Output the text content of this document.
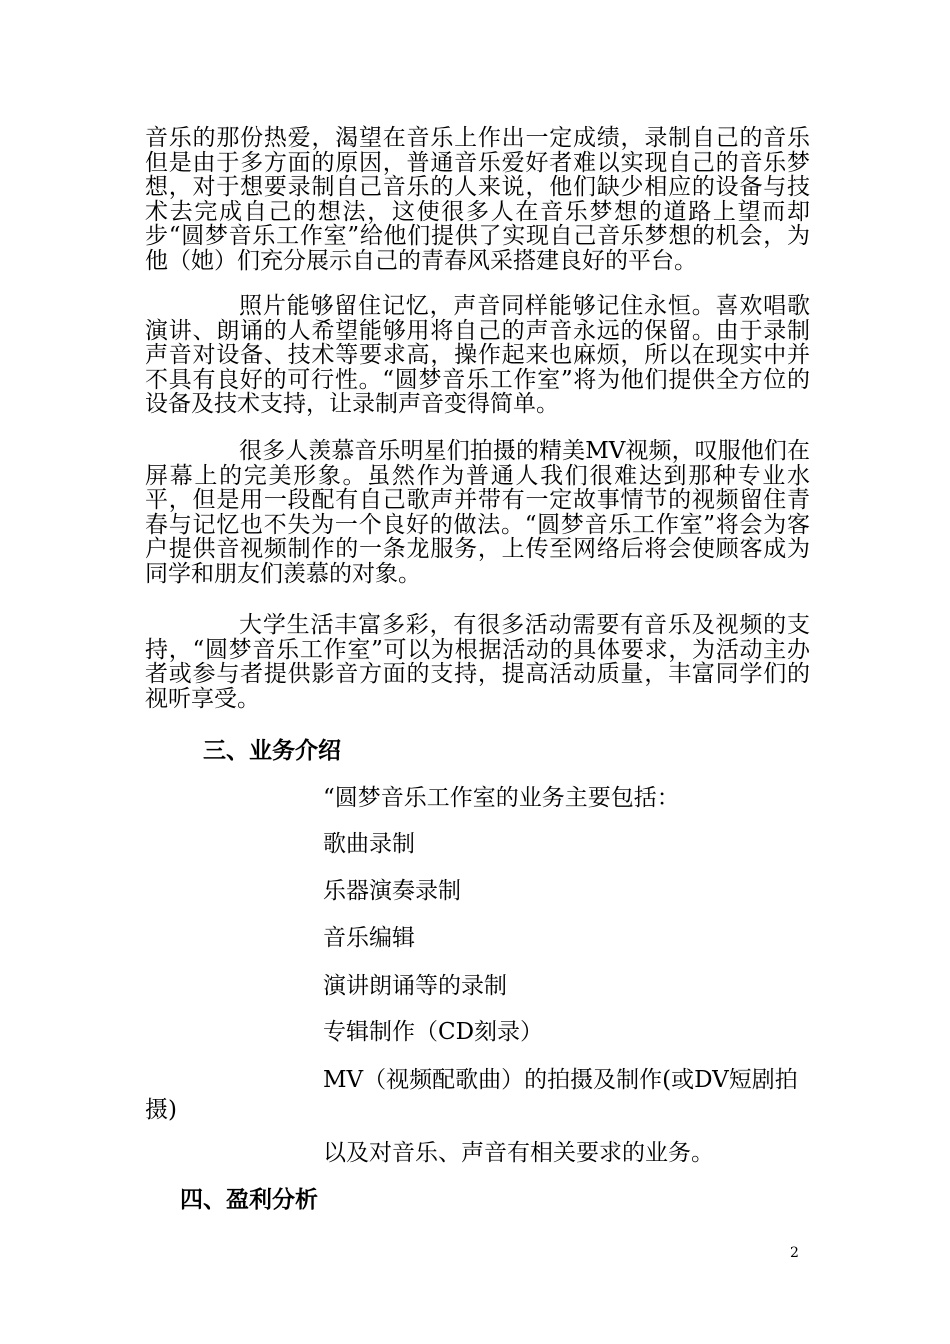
音乐的那份热爱，渴望在音乐上作出一定成绩，录制自己的音乐但是由于多方面的原因，普通音乐爱好者难以实现自己的音乐梦想，对于想要录制自己音乐的人来说，他们缺少相应的设备与技术去完成自己的想法，这使很多人在音乐梦想的道路上望而却步“圆梦音乐工作室”给他们提供了实现自己音乐梦想的机会，为他（她）们充分展示自己的青春风采搭建良好的平台。

照片能够留住记忆，声音同样能够记住永恒。喜欢唱歌演讲、朗诵的人希望能够用将自己的声音永远的保留。由于录制声音对设备、技术等要求高，操作起来也麻烦，所以在现实中并不具有良好的可行性。“圆梦音乐工作室”将为他们提供全方位的设备及技术支持，让录制声音变得简单。

很多人羡慕音乐明星们拍摄的精美MV视频，叹服他们在屏幕上的完美形象。虽然作为普通人我们很难达到那种专业水平，但是用一段配有自己歌声并带有一定故事情节的视频留住青春与记忆也不失为一个良好的做法。“圆梦音乐工作室”将会为客户提供音视频制作的一条龙服务，上传至网络后将会使顾客成为同学和朋友们羡慕的对象。

大学生活丰富多彩，有很多活动需要有音乐及视频的支持，“圆梦音乐工作室”可以为根据活动的具体要求，为活动主办者或参与者提供影音方面的支持，提高活动质量，丰富同学们的视听享受。

三、业务介绍

“圆梦音乐工作室的业务主要包括：

歌曲录制

乐器演奏录制

音乐编辑

演讲朗诵等的录制

专辑制作（CD刻录）

MV（视频配歌曲）的拍摄及制作(或DV短剧拍摄)

以及对音乐、声音有相关要求的业务。

四、盈利分析

2
